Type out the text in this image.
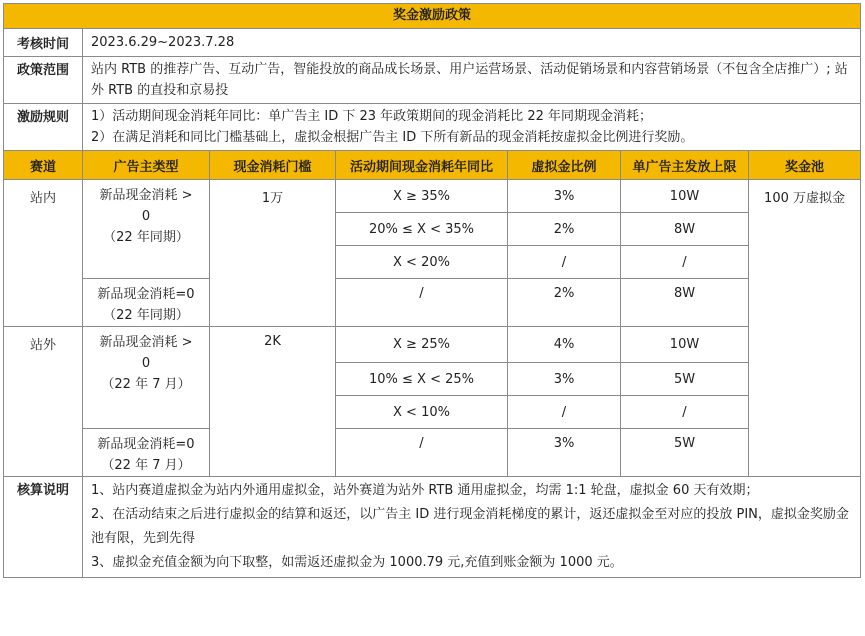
奖金激励政策						
考核时间	2023.6.29~2023.7.28					
政策范围	站内 RTB 的推荐广告、互动广告，智能投放的商品成长场景、用户运营场景、活动促销场景和内容营销场景（不包含全店推广）; 站外 RTB 的直投和京易投					
激励规则	1）活动期间现金消耗年同比：单广告主 ID 下 23 年政策期间的现金消耗比 22 年同期现金消耗；
2）在满足消耗和同比门槛基础上，虚拟金根据广告主 ID 下所有新品的现金消耗按虚拟金比例进行奖励。					

赛道	广告主类型	现金消耗门槛	活动期间现金消耗年同比	虚拟金比例	单广告主发放上限	奖金池
站内	新品现金消耗 >
0
（22 年同期）	1万	X ≥ 35%	3%	10W	100 万虚拟金
			20% ≤ X < 35%	2%	8W	
			X < 20%	/	/	

	新品现金消耗=0
（22 年同期）		/	2%	8W	
站外	新品现金消耗 >
0
（22 年 7 月）	2K	X ≥ 25%	4%	10W	
			10% ≤ X < 25%	3%	5W	
			X < 10%	/	/	

	新品现金消耗=0
（22 年 7 月）		/	3%	5W	
核算说明	1、站内赛道虚拟金为站内外通用虚拟金，站外赛道为站外 RTB 通用虚拟金，均需 1:1 轮盘，虚拟金 60 天有效期；
2、在活动结束之后进行虚拟金的结算和返还，以广告主 ID 进行现金消耗梯度的累计，返还虚拟金至对应的投放 PIN，虚拟金奖励金池有限，先到先得
3、虚拟金充值金额为向下取整，如需返还虚拟金为 1000.79 元,充值到账金额为 1000 元。					
